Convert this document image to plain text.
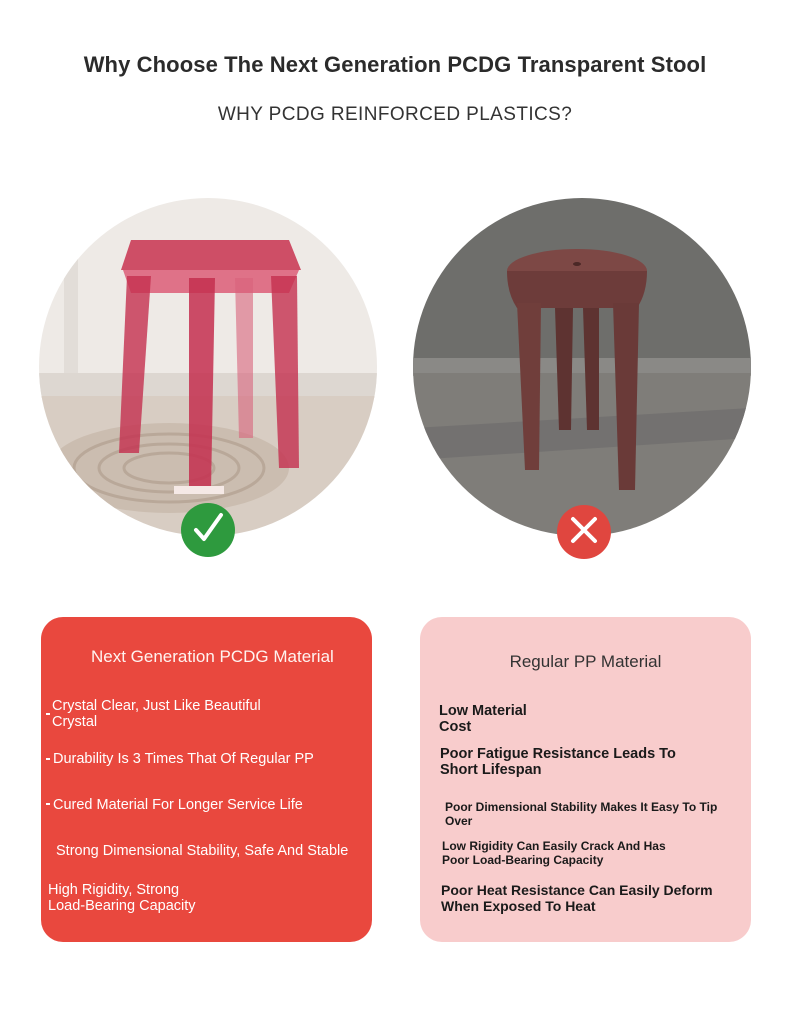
Why Choose The Next Generation PCDG Transparent Stool
WHY PCDG REINFORCED PLASTICS?
Next Generation PCDG Material
Crystal Clear, Just Like Beautiful Crystal
Durability Is 3 Times That Of Regular PP
Cured Material For Longer Service Life
Strong Dimensional Stability, Safe And Stable
High Rigidity, Strong Load-Bearing Capacity
Regular PP Material
Low Material Cost
Poor Fatigue Resistance Leads To Short Lifespan
Poor Dimensional Stability Makes It Easy To Tip Over
Low Rigidity Can Easily Crack And Has Poor Load-Bearing Capacity
Poor Heat Resistance Can Easily Deform When Exposed To Heat
